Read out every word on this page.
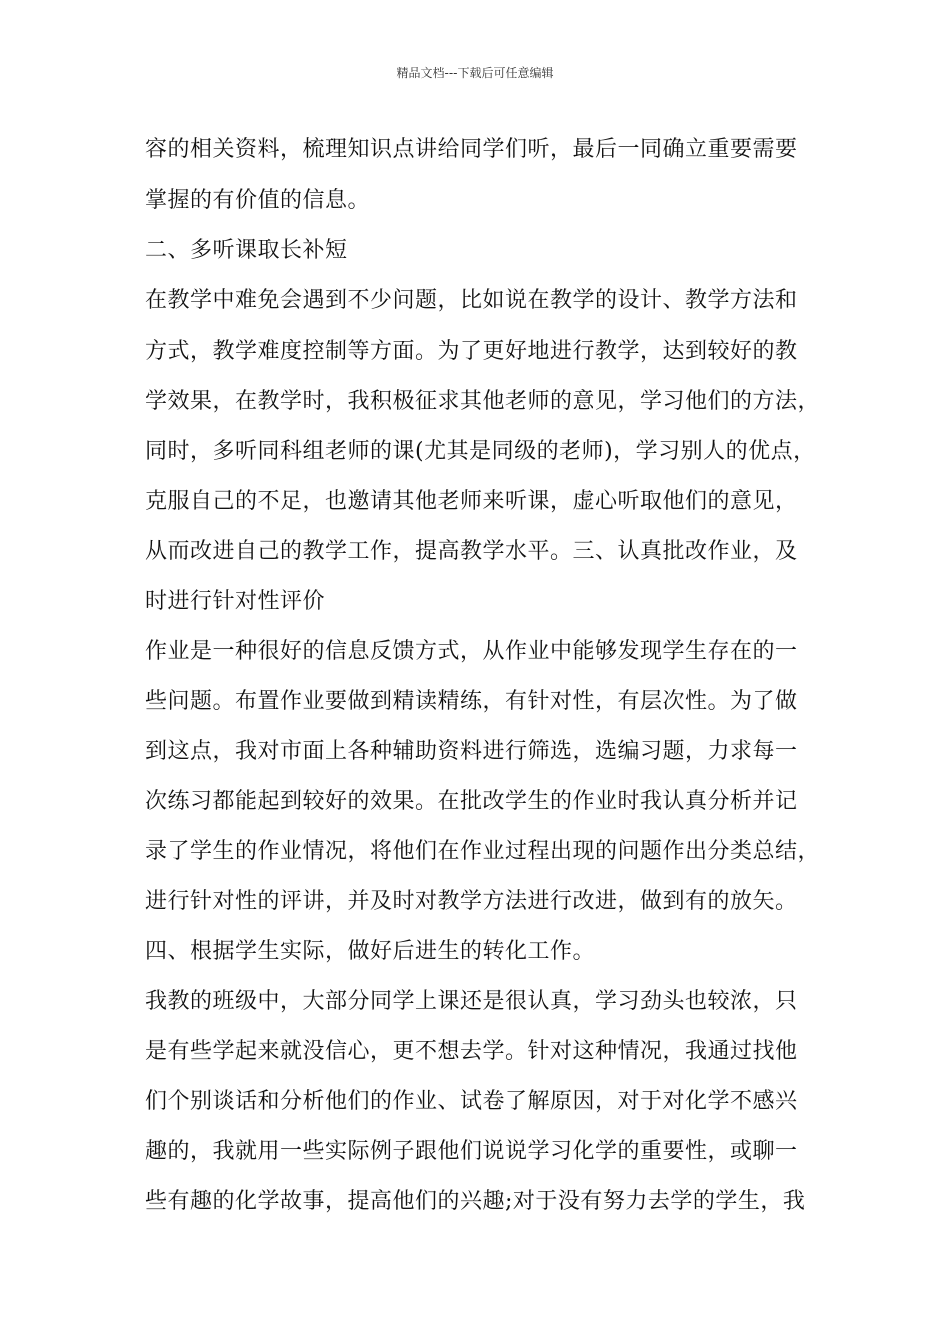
精品文档---下载后可任意编辑
容的相关资料，梳理知识点讲给同学们听，最后一同确立重要需要
掌握的有价值的信息。
二、多听课取长补短
在教学中难免会遇到不少问题，比如说在教学的设计、教学方法和
方式，教学难度控制等方面。为了更好地进行教学，达到较好的教
学效果，在教学时，我积极征求其他老师的意见，学习他们的方法，
同时，多听同科组老师的课(尤其是同级的老师)，学习别人的优点，
克服自己的不足，也邀请其他老师来听课，虚心听取他们的意见，
从而改进自己的教学工作，提高教学水平。三、认真批改作业，及
时进行针对性评价
作业是一种很好的信息反馈方式，从作业中能够发现学生存在的一
些问题。布置作业要做到精读精练，有针对性，有层次性。为了做
到这点，我对市面上各种辅助资料进行筛选，选编习题，力求每一
次练习都能起到较好的效果。在批改学生的作业时我认真分析并记
录了学生的作业情况，将他们在作业过程出现的问题作出分类总结，
进行针对性的评讲，并及时对教学方法进行改进，做到有的放矢。
四、根据学生实际，做好后进生的转化工作。
我教的班级中，大部分同学上课还是很认真，学习劲头也较浓，只
是有些学起来就没信心，更不想去学。针对这种情况，我通过找他
们个别谈话和分析他们的作业、试卷了解原因，对于对化学不感兴
趣的，我就用一些实际例子跟他们说说学习化学的重要性，或聊一
些有趣的化学故事，提高他们的兴趣;对于没有努力去学的学生，我
